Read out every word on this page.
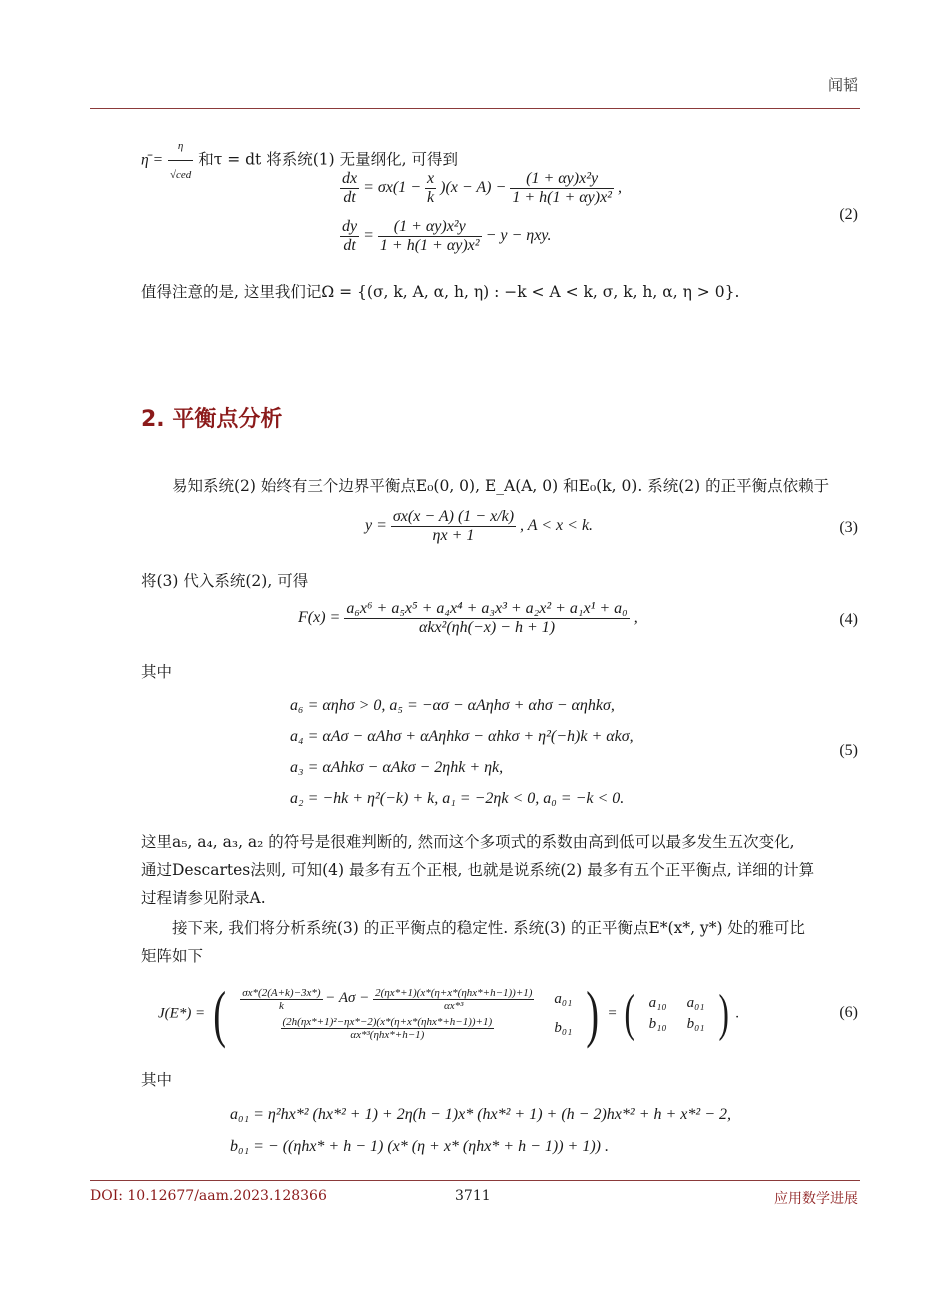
闻韬
η̄ = $\frac{\eta}{\text{√ced}}$ 和τ = dt 将系统(1) 无量纲化, 可得到
$\frac{dx}{dt} = \sigma x(1 - \frac{x}{k} )(x - A) - \frac{\text{(1 + αy)x²y}}{\text{1 + h(1 + αy)x²}}$ ,
$\frac{dy}{dt} = \frac{\text{(1 + αy)x²y}}{\text{1 + h(1 + αy)x²}} - y - \eta xy$.
(2)
值得注意的是, 这里我们记Ω = {(σ, k, A, α, h, η) : −k < A < k, σ, k, h, α, η > 0}.
2. 平衡点分析
易知系统(2) 始终有三个边界平衡点E₀(0, 0), E_A(A, 0) 和E₀(k, 0). 系统(2) 的正平衡点依赖于
$y = \frac{\sigma x(x - A) (1 - x/k)}{\eta x + 1}$ , A < x < k.	(3)
将(3) 代入系统(2), 可得
$F(x) = \frac{\text{a₆x⁶ + a₅x⁵ + a₄x⁴ + a₃x³ + a₂x² + a₁x¹ + a₀}}{\text{αkx²(ηh(−x) − h + 1)}}$ ,	(4)
其中
a₆ = αηhσ > 0, a₅ = −ασ − αAηhσ + αhσ − αηhkσ,
a₄ = αAσ − αAhσ + αAηhkσ − αhkσ + η²(−h)k + αkσ,
a₃ = αAhkσ − αAkσ − 2ηhk + ηk,
a₂ = −hk + η²(−k) + k, a₁ = −2ηk < 0, a₀ = −k < 0.
(5)
这里a₅, a₄, a₃, a₂ 的符号是很难判断的, 然而这个多项式的系数由高到低可以最多发生五次变化,
通过Descartes法则, 可知(4) 最多有五个正根, 也就是说系统(2) 最多有五个正平衡点, 详细的计算
过程请参见附录A.
接下来, 我们将分析系统(3) 的正平衡点的稳定性. 系统(3) 的正平衡点E*(x*, y*) 处的雅可比
矩阵如下
J(E*) = ( $\frac{\sigma x*(2(A+k)-3x*)}{k} - A\sigma - \frac{\text{2(ηx*+1)(x*(η+x*(ηhx*+h−1))+1)}}{\text{αx*³}}$	a₀₁

$\frac{\text{(2h(ηx*+1)²−ηx*−2)(x*(η+x*(ηhx*+h−1))+1)}}{\text{αx*³(ηhx*+h−1)}}$	b₀₁ ) = ( a₁₀	a₀₁
b₁₀	b₀₁ ) .	(6)
其中
a₀₁ = η²hx*² (hx*² + 1) + 2η(h − 1)x* (hx*² + 1) + (h − 2)hx*² + h + x*² − 2,
b₀₁ = − ((ηhx* + h − 1) (x* (η + x* (ηhx* + h − 1)) + 1)) .
DOI: 10.12677/aam.2023.128366	3711	应用数学进展
